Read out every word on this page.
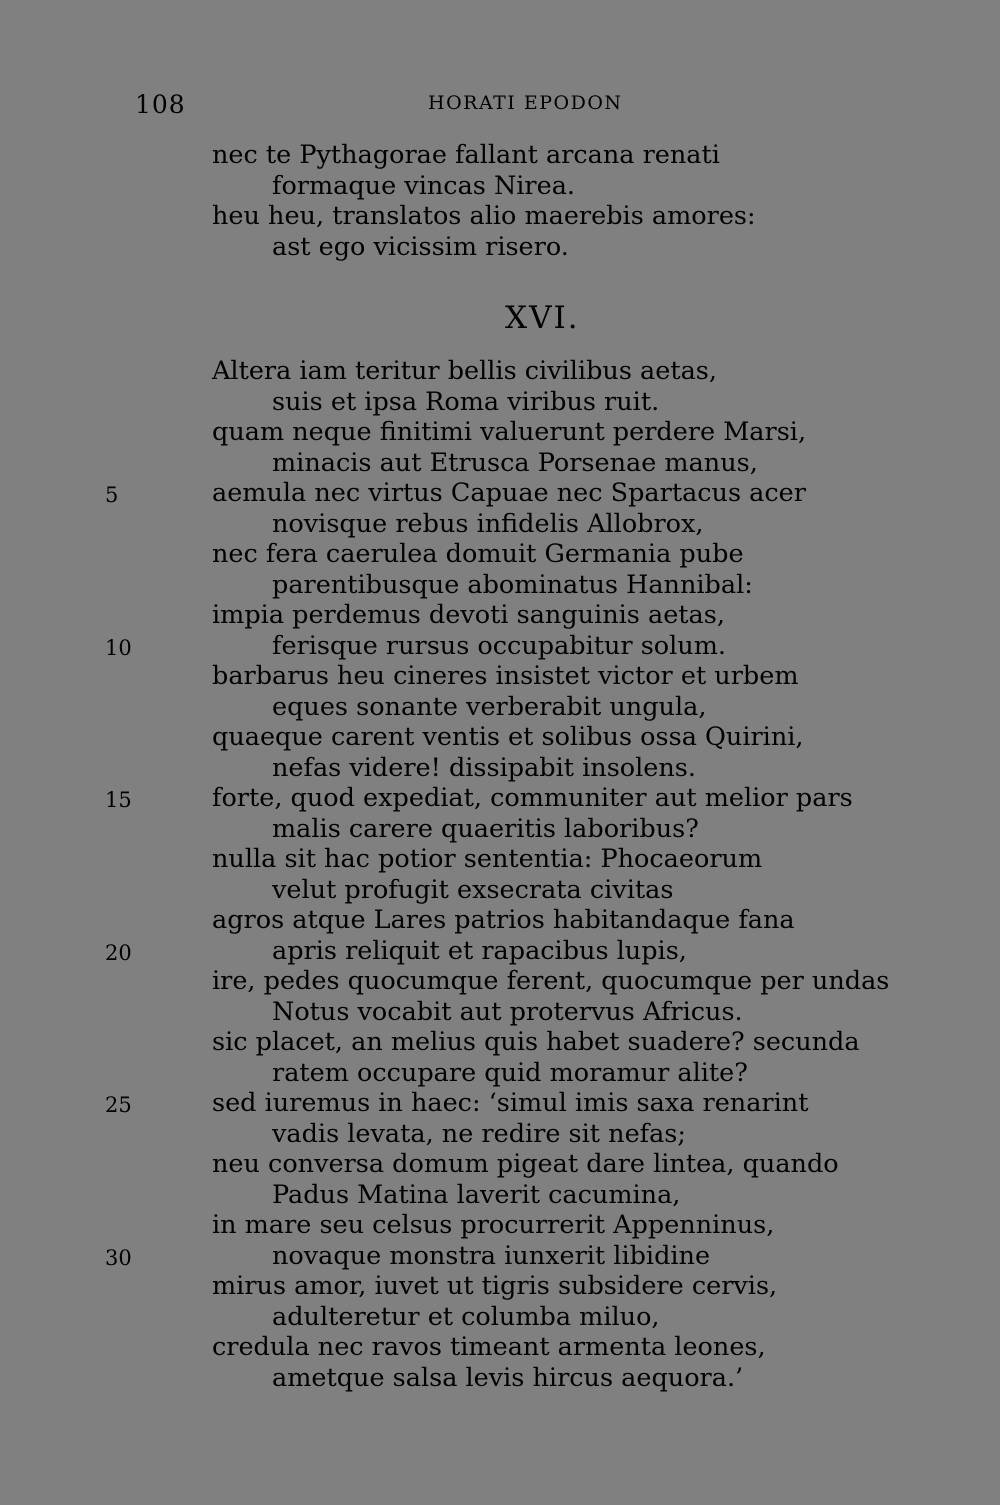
108	HORATI EPODON
nec te Pythagorae fallant arcana renati
formaque vincas Nirea.
heu heu, translatos alio maerebis amores:
ast ego vicissim risero.
XVI.
Altera iam teritur bellis civilibus aetas,
suis et ipsa Roma viribus ruit.
quam neque finitimi valuerunt perdere Marsi,
minacis aut Etrusca Porsenae manus,
aemula nec virtus Capuae nec Spartacus acer
novisque rebus infidelis Allobrox,
nec fera caerulea domuit Germania pube
parentibusque abominatus Hannibal:
impia perdemus devoti sanguinis aetas,
ferisque rursus occupabitur solum.
barbarus heu cineres insistet victor et urbem
eques sonante verberabit ungula,
quaeque carent ventis et solibus ossa Quirini,
nefas videre! dissipabit insolens.
forte, quod expediat, communiter aut melior pars
malis carere quaeritis laboribus?
nulla sit hac potior sententia: Phocaeorum
velut profugit exsecrata civitas
agros atque Lares patrios habitandaque fana
apris reliquit et rapacibus lupis,
ire, pedes quocumque ferent, quocumque per undas
Notus vocabit aut protervus Africus.
sic placet, an melius quis habet suadere? secunda
ratem occupare quid moramur alite?
sed iuremus in haec: ‘simul imis saxa renarint
vadis levata, ne redire sit nefas;
neu conversa domum pigeat dare lintea, quando
Padus Matina laverit cacumina,
in mare seu celsus procurrerit Appenninus,
novaque monstra iunxerit libidine
mirus amor, iuvet ut tigris subsidere cervis,
adulteretur et columba miluo,
credula nec ravos timeant armenta leones,
ametque salsa levis hircus aequora.’
5
10
15
20
25
30
